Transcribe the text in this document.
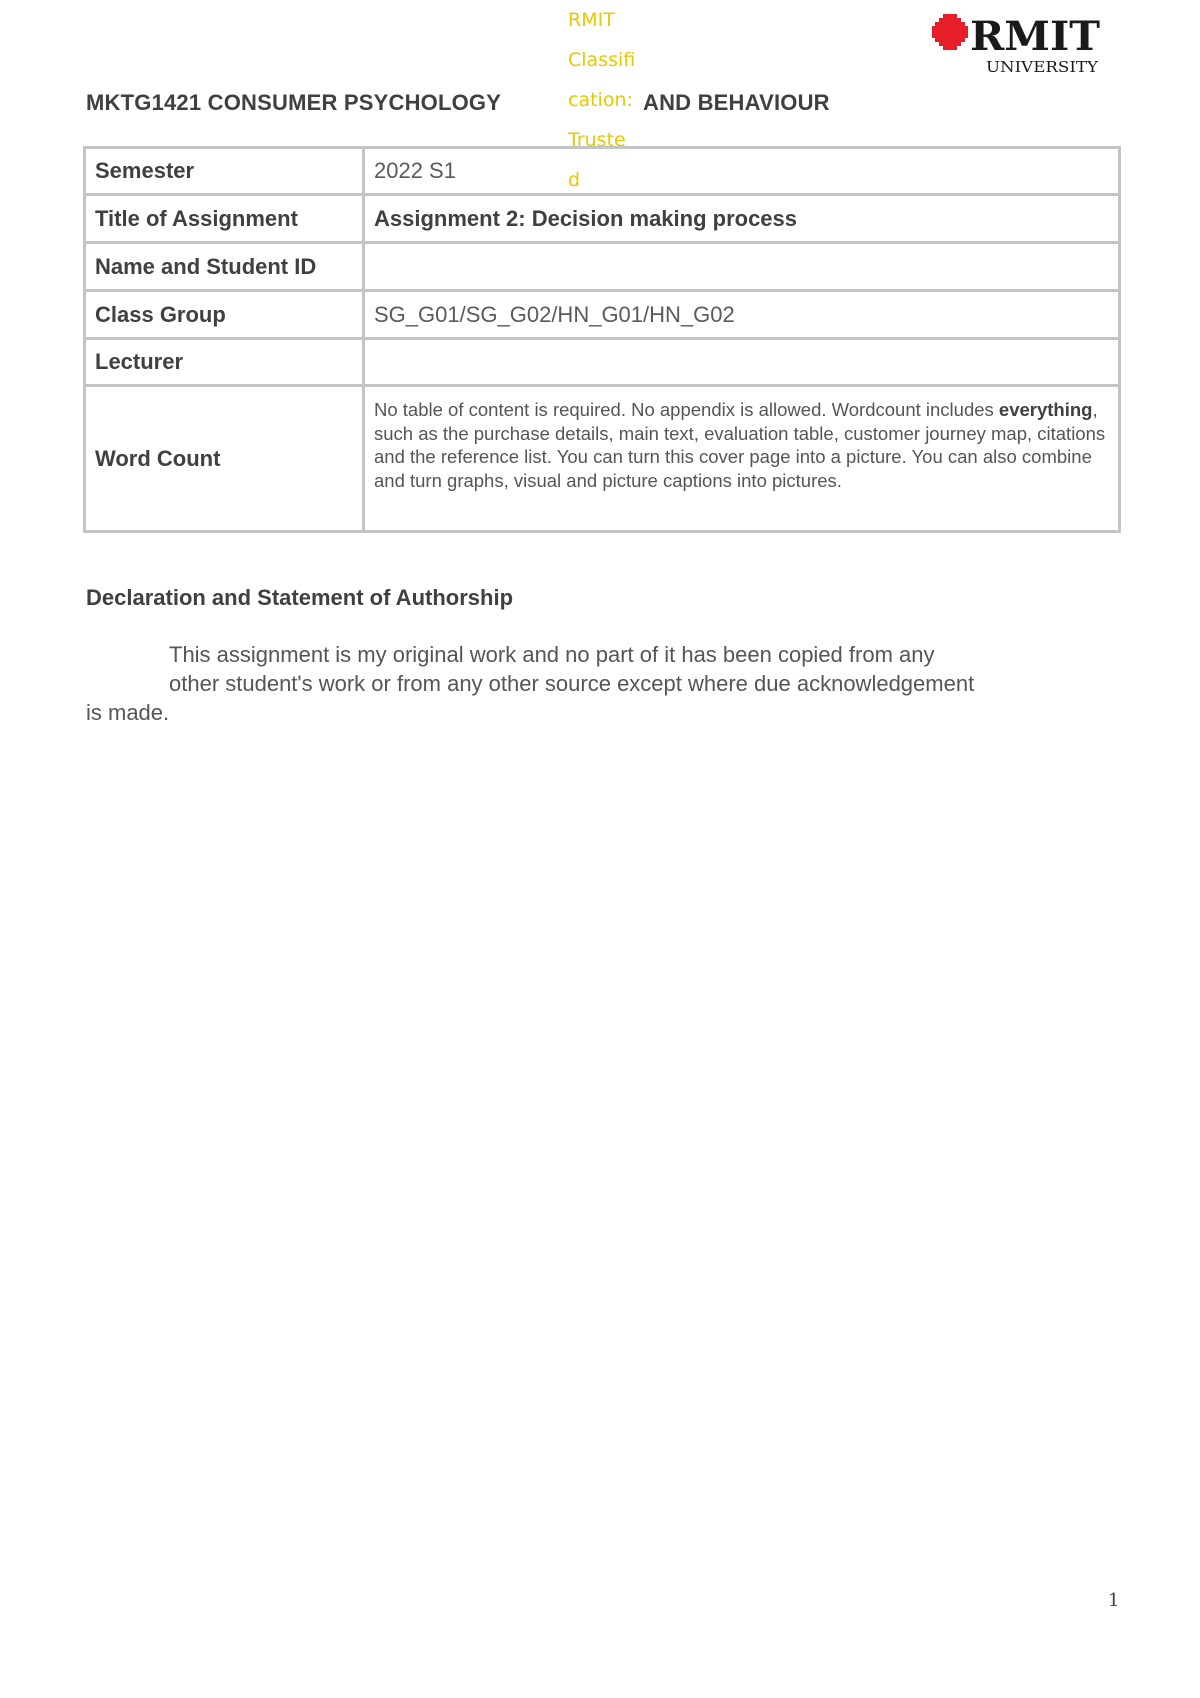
RMIT
Classifi
cation:
Truste
d
RMIT
UNIVERSITY
MKTG1421 CONSUMER PSYCHOLOGY	AND BEHAVIOUR
Semester	2022 S1
Title of Assignment	Assignment 2: Decision making process
Name and Student ID	
Class Group	SG_G01/SG_G02/HN_G01/HN_G02
Lecturer	
Word Count	No table of content is required. No appendix is allowed. Wordcount includes everything, such as the purchase details, main text, evaluation table, customer journey map, citations and the reference list. You can turn this cover page into a picture. You can also combine and turn graphs, visual and picture captions into pictures.
Declaration and Statement of Authorship
This assignment is my original work and no part of it has been copied from any
other student's work or from any other source except where due acknowledgement
is made.
1
